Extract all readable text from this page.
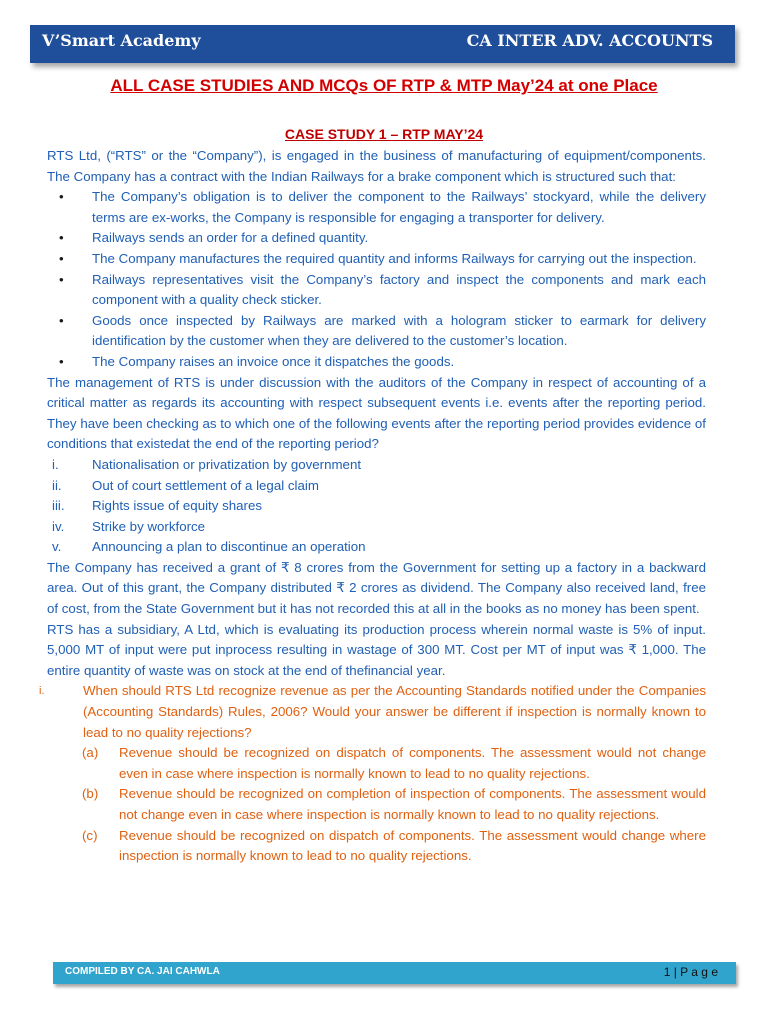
V’Smart Academy	CA INTER ADV. ACCOUNTS
ALL CASE STUDIES AND MCQs OF RTP & MTP May’24 at one Place
CASE STUDY 1 – RTP MAY’24

RTS Ltd, (“RTS” or the “Company”), is engaged in the business of manufacturing of equipment/components. The Company has a contract with the Indian Railways for a brake component which is structured such that:

• The Company’s obligation is to deliver the component to the Railways’ stockyard, while the delivery terms are ex-works, the Company is responsible for engaging a transporter for delivery.
• Railways sends an order for a defined quantity.
• The Company manufactures the required quantity and informs Railways for carrying out the inspection.
• Railways representatives visit the Company’s factory and inspect the components and mark each component with a quality check sticker.
• Goods once inspected by Railways are marked with a hologram sticker to earmark for delivery identification by the customer when they are delivered to the customer’s location.
• The Company raises an invoice once it dispatches the goods.

The management of RTS is under discussion with the auditors of the Company in respect of accounting of a critical matter as regards its accounting with respect subsequent events i.e. events after the reporting period. They have been checking as to which one of the following events after the reporting period provides evidence of conditions that existedat the end of the reporting period?

i.	Nationalisation or privatization by government
ii.	Out of court settlement of a legal claim
iii.	Rights issue of equity shares
iv.	Strike by workforce
v.	Announcing a plan to discontinue an operation

The Company has received a grant of ₹ 8 crores from the Government for setting up a factory in a backward area. Out of this grant, the Company distributed ₹ 2 crores as dividend. The Company also received land, free of cost, from the State Government but it has not recorded this at all in the books as no money has been spent.

RTS has a subsidiary, A Ltd, which is evaluating its production process wherein normal waste is 5% of input. 5,000 MT of input were put inprocess resulting in wastage of 300 MT. Cost per MT of input was ₹ 1,000. The entire quantity of waste was on stock at the end of thefinancial year.

i.	When should RTS Ltd recognize revenue as per the Accounting Standards notified under the Companies (Accounting Standards) Rules, 2006? Would your answer be different if inspection is normally known to lead to no quality rejections?
(a) Revenue should be recognized on dispatch of components. The assessment would not change even in case where inspection is normally known to lead to no quality rejections.
(b) Revenue should be recognized on completion of inspection of components. The assessment would not change even in case where inspection is normally known to lead to no quality rejections.
(c) Revenue should be recognized on dispatch of components. The assessment would change where inspection is normally known to lead to no quality rejections.
COMPILED BY CA. JAI CAHWLA	1 | P a g e
